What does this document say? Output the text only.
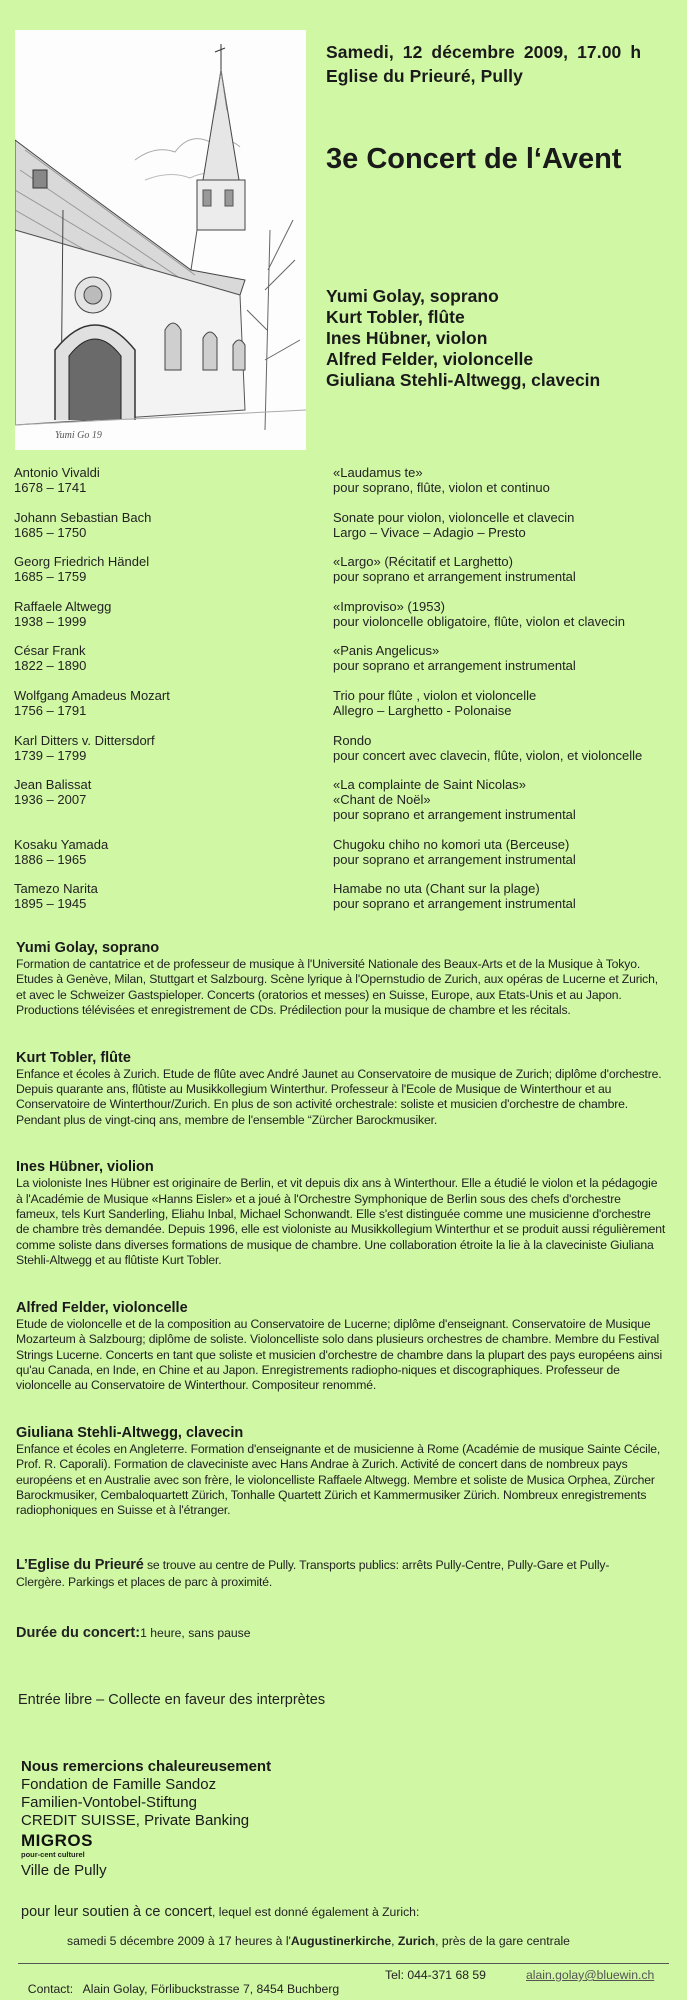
Yumi Go 19
Samedi, 12 décembre 2009, 17.00 h
Eglise du Prieuré, Pully
3e Concert de l‘Avent
Yumi Golay, soprano
Kurt Tobler, flûte
Ines Hübner, violon
Alfred Felder, violoncelle
Giuliana Stehli-Altwegg, clavecin
Antonio Vivaldi
1678 – 1741
«Laudamus te»
pour soprano, flûte, violon et continuo
Johann Sebastian Bach
1685 – 1750
Sonate pour violon, violoncelle et clavecin
Largo – Vivace – Adagio – Presto
Georg Friedrich Händel
1685 – 1759
«Largo» (Récitatif et Larghetto)
pour soprano et arrangement instrumental
Raffaele Altwegg
1938 – 1999
«Improviso» (1953)
pour violoncelle obligatoire, flûte, violon et clavecin
César Frank
1822 – 1890
«Panis Angelicus»
pour soprano et arrangement instrumental
Wolfgang Amadeus Mozart
1756 – 1791
Trio pour flûte , violon et violoncelle
Allegro – Larghetto - Polonaise
Karl Ditters v. Dittersdorf
1739 – 1799
Rondo
pour concert avec clavecin, flûte, violon, et violoncelle
Jean Balissat
1936 – 2007
«La complainte de Saint Nicolas»
«Chant de Noël»
pour soprano et arrangement instrumental
Kosaku Yamada
1886 – 1965
Chugoku chiho no komori uta (Berceuse)
pour soprano et arrangement instrumental
Tamezo Narita
1895 – 1945
Hamabe no uta (Chant sur la plage)
pour soprano et arrangement instrumental
Yumi Golay, soprano

Formation de cantatrice et de professeur de musique à l'Université Nationale des Beaux-Arts et de la Musique à Tokyo. Etudes à Genève, Milan, Stuttgart et Salzbourg. Scène lyrique à l'Opernstudio de Zurich, aux opéras de Lucerne et Zurich, et avec le Schweizer Gastspieloper. Concerts (oratorios et messes) en Suisse, Europe, aux Etats-Unis et au Japon. Productions télévisées et enregistrement de CDs. Prédilection pour la musique de chambre et les récitals.

Kurt Tobler, flûte

Enfance et écoles à Zurich. Etude de flûte avec André Jaunet au Conservatoire de musique de Zurich; diplôme d'orchestre. Depuis quarante ans, flûtiste au Musikkollegium Winterthur. Professeur à l'Ecole de Musique de Winterthour et au Conservatoire de Winterthour/Zurich. En plus de son activité orchestrale: soliste et musicien d'orchestre de chambre. Pendant plus de vingt-cinq ans, membre de l'ensemble “Zürcher Barockmusiker.

Ines Hübner, violion

La violoniste Ines Hübner est originaire de Berlin, et vit depuis dix ans à Winterthour. Elle a étudié le violon et la pédagogie à l'Académie de Musique «Hanns Eisler» et a joué à l'Orchestre Symphonique de Berlin sous des chefs d'orchestre fameux, tels Kurt Sanderling, Eliahu Inbal, Michael Schonwandt. Elle s'est distinguée comme une musicienne d'orchestre de chambre très demandée. Depuis 1996, elle est violoniste au Musikkollegium Winterthur et se produit aussi régulièrement comme soliste dans diverses formations de musique de chambre. Une collaboration étroite la lie à la claveciniste Giuliana Stehli-Altwegg et au flûtiste Kurt Tobler.

Alfred Felder, violoncelle

Etude de violoncelle et de la composition au Conservatoire de Lucerne; diplôme d'enseignant. Conservatoire de Musique Mozarteum à Salzbourg; diplôme de soliste. Violoncelliste solo dans plusieurs orchestres de chambre. Membre du Festival Strings Lucerne. Concerts en tant que soliste et musicien d'orchestre de chambre dans la plupart des pays européens ainsi qu'au Canada, en Inde, en Chine et au Japon. Enregistrements radiopho-niques et discographiques. Professeur de violoncelle au Conservatoire de Winterthour. Compositeur renommé.

Giuliana Stehli-Altwegg, clavecin

Enfance et écoles en Angleterre. Formation d'enseignante et de musicienne à Rome (Académie de musique Sainte Cécile, Prof. R. Caporali). Formation de claveciniste avec Hans Andrae à Zurich. Activité de concert dans de nombreux pays européens et en Australie avec son frère, le violoncelliste Raffaele Altwegg. Membre et soliste de Musica Orphea, Zürcher Barockmusiker, Cembaloquartett Zürich, Tonhalle Quartett Zürich et Kammermusiker Zürich. Nombreux enregistrements radiophoniques en Suisse et à l'étranger.

L’Eglise du Prieuré se trouve au centre de Pully. Transports publics: arrêts Pully-Centre, Pully-Gare et Pully-Clergère. Parkings et places de parc à proximité.
Durée du concert:1 heure, sans pause
Entrée libre – Collecte en faveur des interprètes
Nous remercions chaleureusement
Fondation de Famille Sandoz
Familien-Vontobel-Stiftung
CREDIT SUISSE, Private Banking
MIGROS
pour-cent culturel
Ville de Pully
pour leur soutien à ce concert, lequel est donné également à Zurich:
samedi 5 décembre 2009 à 17 heures à l'Augustinerkirche, Zurich, près de la gare centrale

Contact:   Alain Golay, Förlibuckstrasse 7, 8454 Buchberg

Tel: 044-371 68 59

	alain.golay@bluewin.ch
